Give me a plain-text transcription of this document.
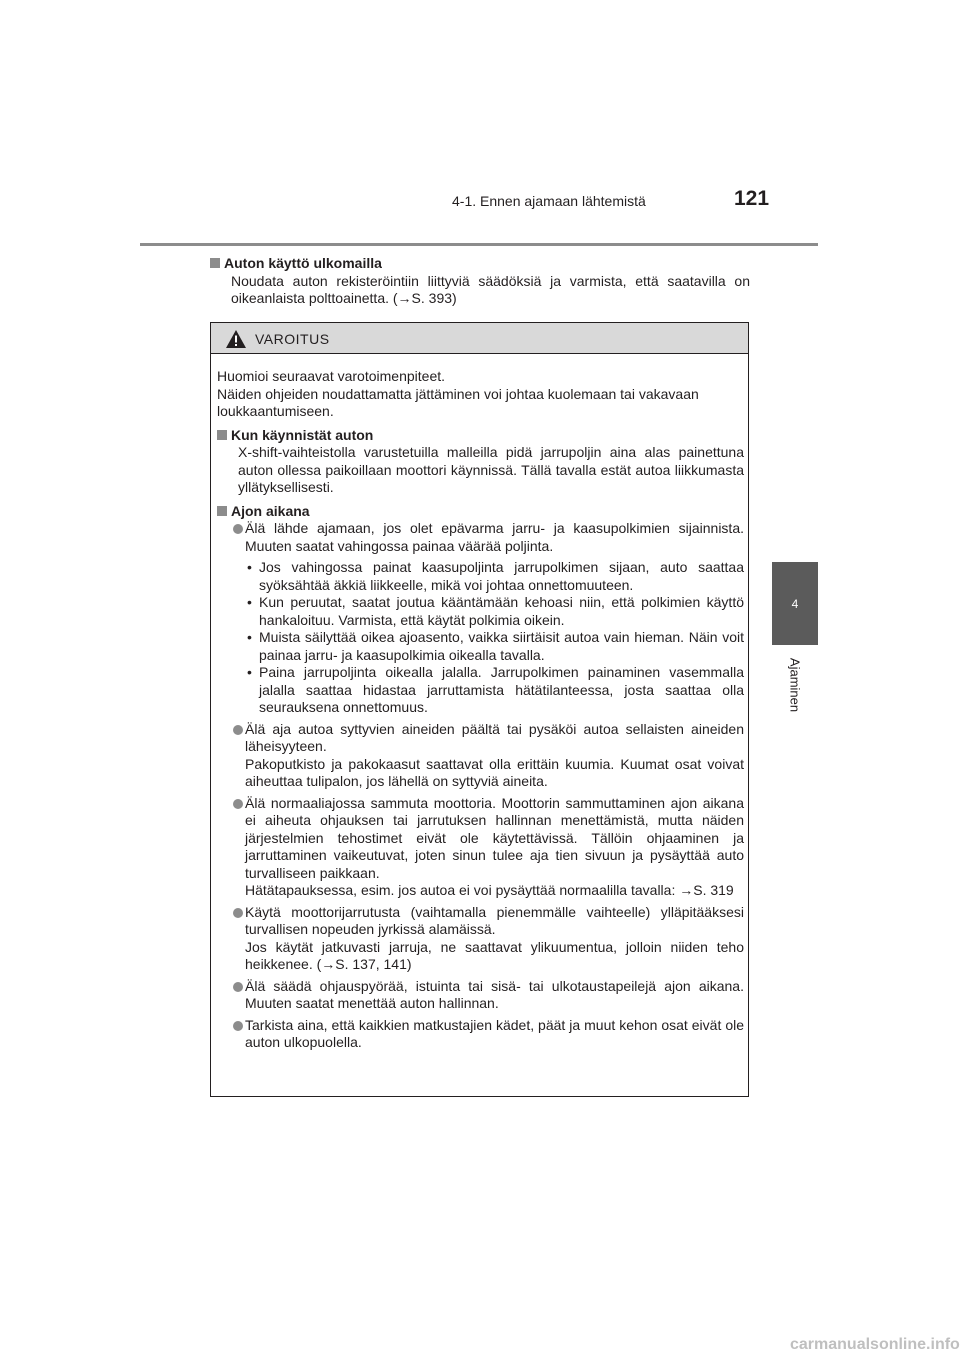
4-1. Ennen ajamaan lähtemistä	121
4
Ajaminen
Auton käyttö ulkomailla
Noudata auton rekisteröintiin liittyviä säädöksiä ja varmista, että saatavilla on oikeanlaista polttoainetta. (→S. 393)
VAROITUS

Huomioi seuraavat varotoimenpiteet.

Näiden ohjeiden noudattamatta jättäminen voi johtaa kuolemaan tai vakavaan loukkaantumiseen.

Kun käynnistät auton
X-shift-vaihteistolla varustetuilla malleilla pidä jarrupoljin aina alas painettuna auton ollessa paikoillaan moottori käynnissä. Tällä tavalla estät autoa liikkumasta yllätyksellisesti.
Ajon aikana
Älä lähde ajamaan, jos olet epävarma jarru- ja kaasupolkimien sijainnista. Muuten saatat vahingossa painaa väärää poljinta.
• Jos vahingossa painat kaasupoljinta jarrupolkimen sijaan, auto saattaa syöksähtää äkkiä liikkeelle, mikä voi johtaa onnettomuuteen.
• Kun peruutat, saatat joutua kääntämään kehoasi niin, että polkimien käyttö hankaloituu. Varmista, että käytät polkimia oikein.
• Muista säilyttää oikea ajoasento, vaikka siirtäisit autoa vain hieman. Näin voit painaa jarru- ja kaasupolkimia oikealla tavalla.
• Paina jarrupoljinta oikealla jalalla. Jarrupolkimen painaminen vasemmalla jalalla saattaa hidastaa jarruttamista hätätilanteessa, josta saattaa olla seurauksena onnettomuus.
Älä aja autoa syttyvien aineiden päältä tai pysäköi autoa sellaisten aineiden läheisyyteen.
Pakoputkisto ja pakokaasut saattavat olla erittäin kuumia. Kuumat osat voivat aiheuttaa tulipalon, jos lähellä on syttyviä aineita.
Älä normaaliajossa sammuta moottoria. Moottorin sammuttaminen ajon aikana ei aiheuta ohjauksen tai jarrutuksen hallinnan menettämistä, mutta näiden järjestelmien tehostimet eivät ole käytettävissä. Tällöin ohjaaminen ja jarruttaminen vaikeutuvat, joten sinun tulee aja tien sivuun ja pysäyttää auto turvalliseen paikkaan.
Hätätapauksessa, esim. jos autoa ei voi pysäyttää normaalilla tavalla: →S. 319
Käytä moottorijarrutusta (vaihtamalla pienemmälle vaihteelle) ylläpitääksesi turvallisen nopeuden jyrkissä alamäissä.
Jos käytät jatkuvasti jarruja, ne saattavat ylikuumentua, jolloin niiden teho heikkenee. (→S. 137, 141)
Älä säädä ohjauspyörää, istuinta tai sisä- tai ulkotaustapeilejä ajon aikana. Muuten saatat menettää auton hallinnan.
Tarkista aina, että kaikkien matkustajien kädet, päät ja muut kehon osat eivät ole auton ulkopuolella.
carmanualsonline.info
